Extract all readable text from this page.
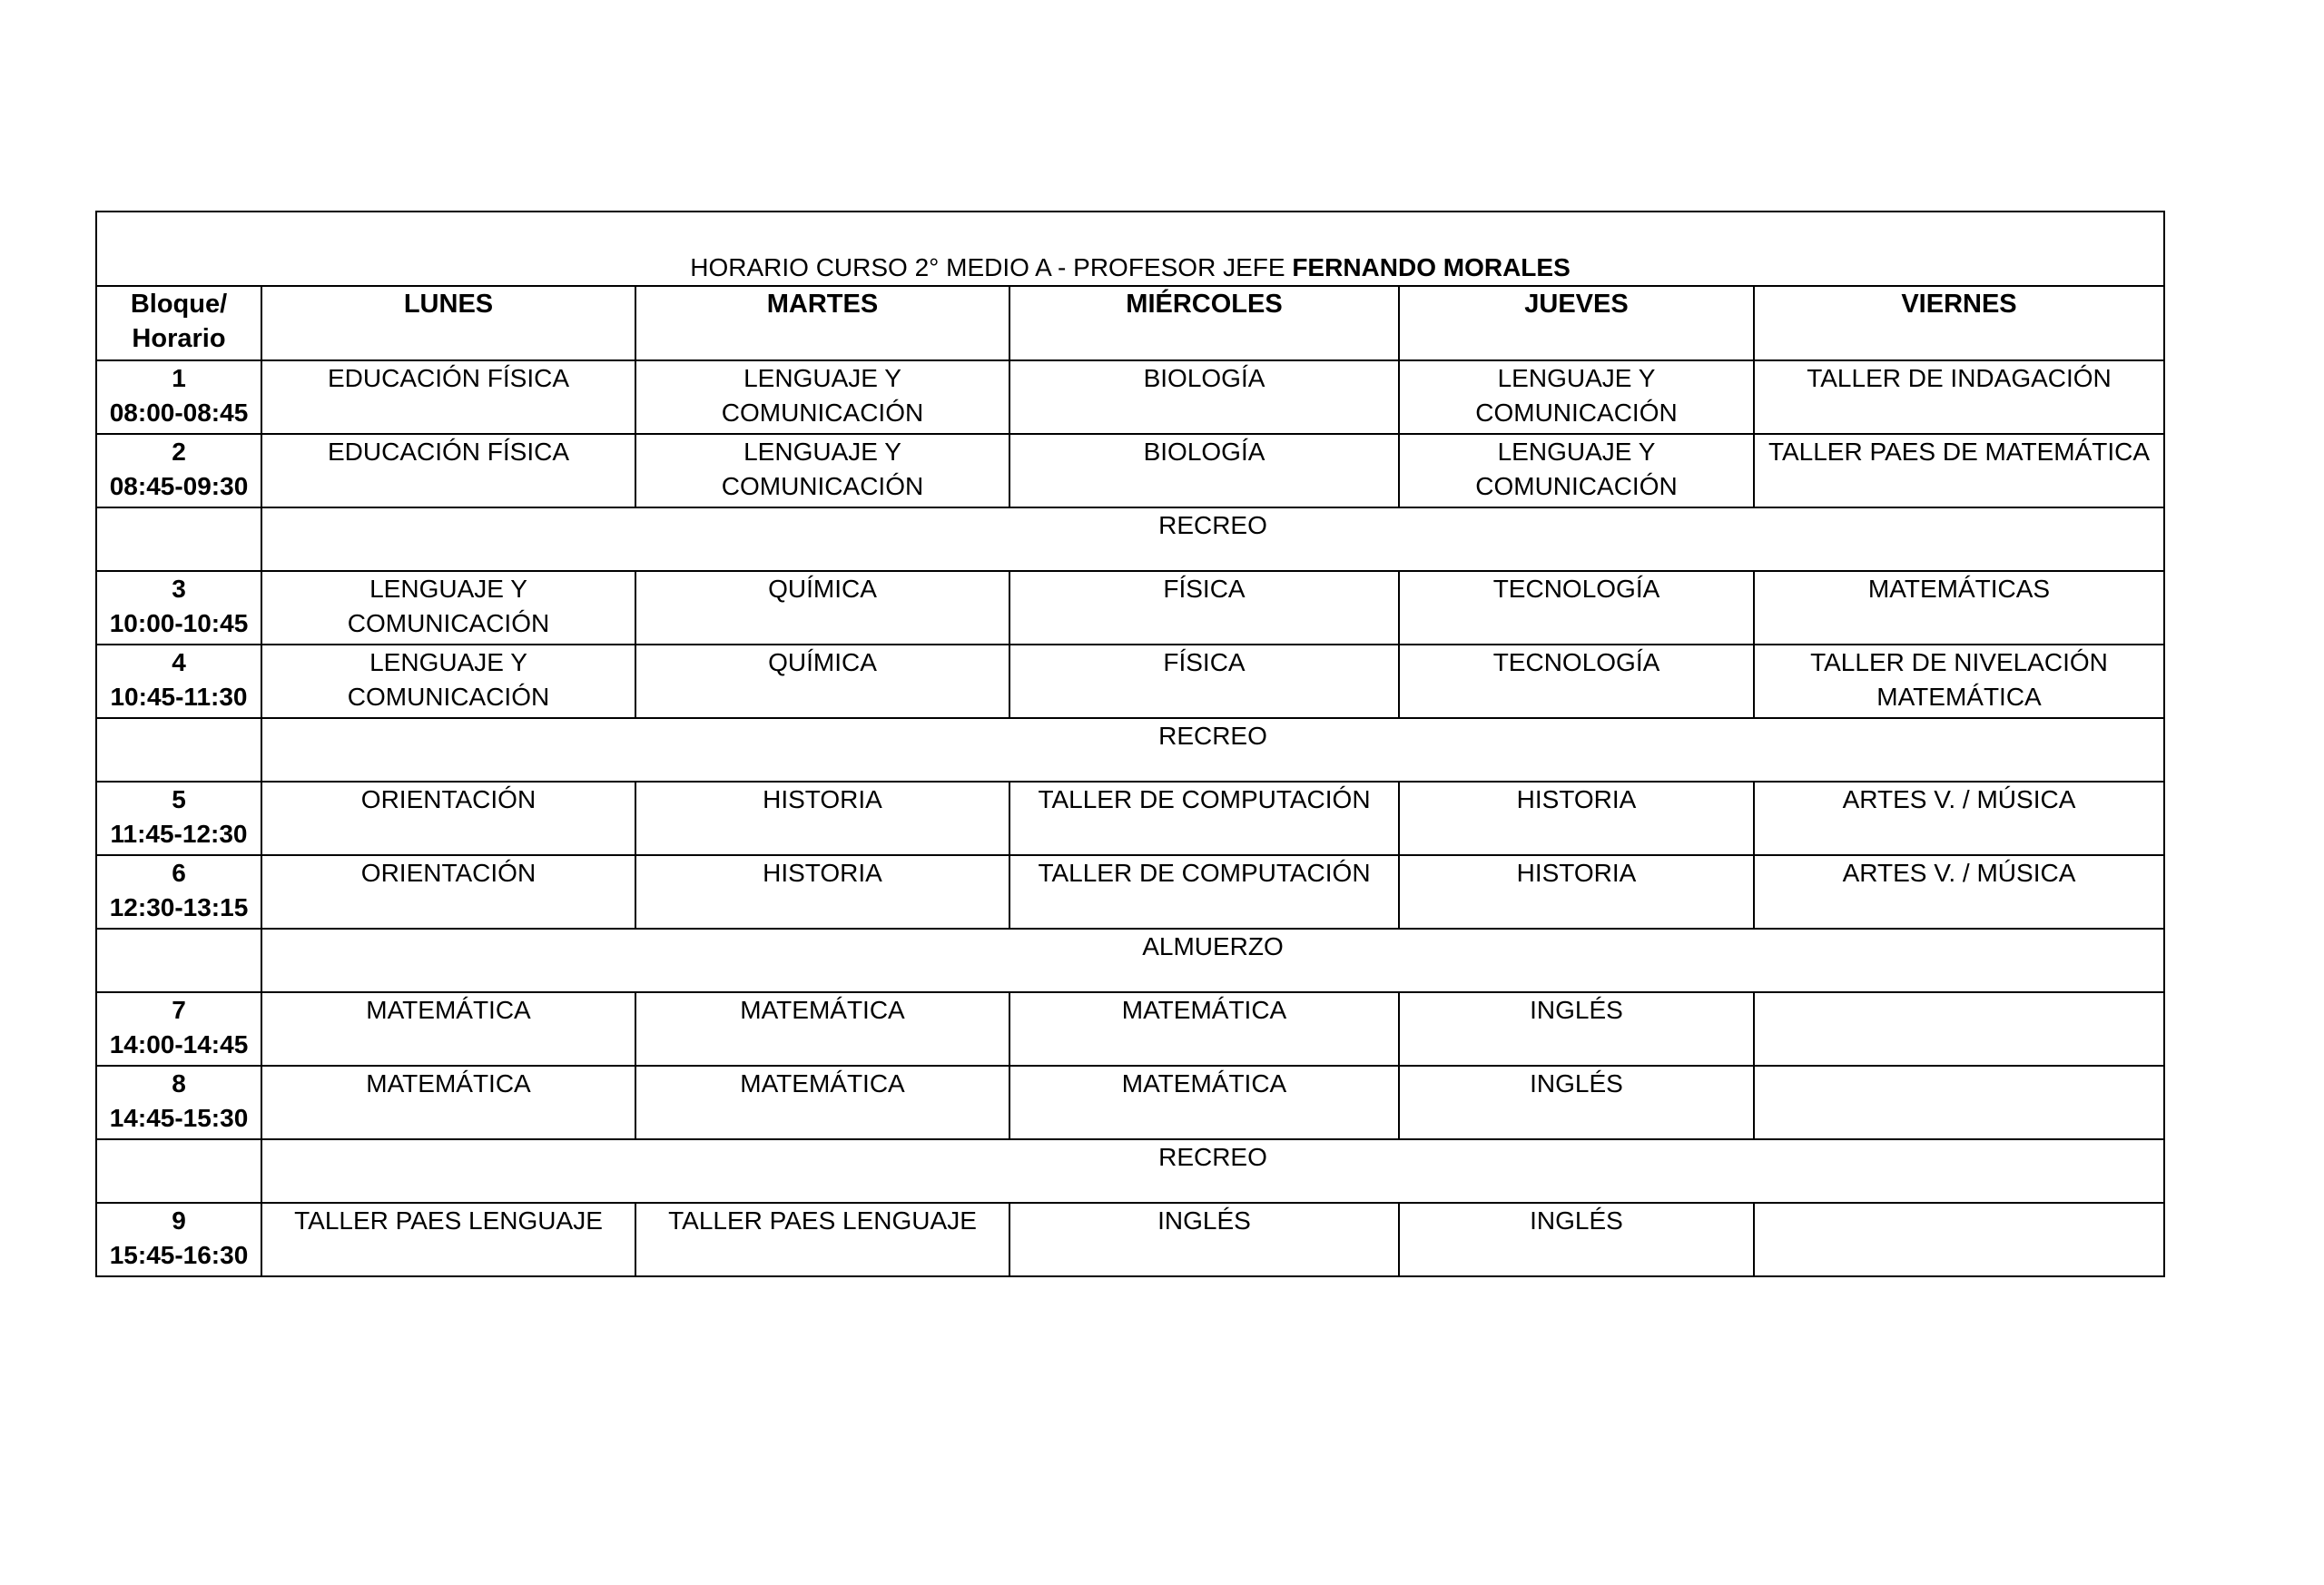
HORARIO CURSO 2° MEDIO A - PROFESOR JEFE FERNANDO MORALES					
Bloque/ Horario	LUNES	MARTES	MIÉRCOLES	JUEVES	VIERNES

1
08:00-08:45	EDUCACIÓN FÍSICA	LENGUAJE Y COMUNICACIÓN	BIOLOGÍA	LENGUAJE Y COMUNICACIÓN	TALLER DE INDAGACIÓN

2
08:45-09:30	EDUCACIÓN FÍSICA	LENGUAJE Y COMUNICACIÓN	BIOLOGÍA	LENGUAJE Y COMUNICACIÓN	TALLER PAES DE MATEMÁTICA
	RECREO				

3
10:00-10:45	LENGUAJE Y COMUNICACIÓN	QUÍMICA	FÍSICA	TECNOLOGÍA	MATEMÁTICAS

4
10:45-11:30	LENGUAJE Y COMUNICACIÓN	QUÍMICA	FÍSICA	TECNOLOGÍA	TALLER DE NIVELACIÓN MATEMÁTICA
	RECREO				

5
11:45-12:30	ORIENTACIÓN	HISTORIA	TALLER DE COMPUTACIÓN	HISTORIA	ARTES V. / MÚSICA

6
12:30-13:15	ORIENTACIÓN	HISTORIA	TALLER DE COMPUTACIÓN	HISTORIA	ARTES V. / MÚSICA
	ALMUERZO				

7
14:00-14:45	MATEMÁTICA	MATEMÁTICA	MATEMÁTICA	INGLÉS	

8
14:45-15:30	MATEMÁTICA	MATEMÁTICA	MATEMÁTICA	INGLÉS	
	RECREO				

9
15:45-16:30	TALLER PAES LENGUAJE	TALLER PAES LENGUAJE	INGLÉS	INGLÉS	
